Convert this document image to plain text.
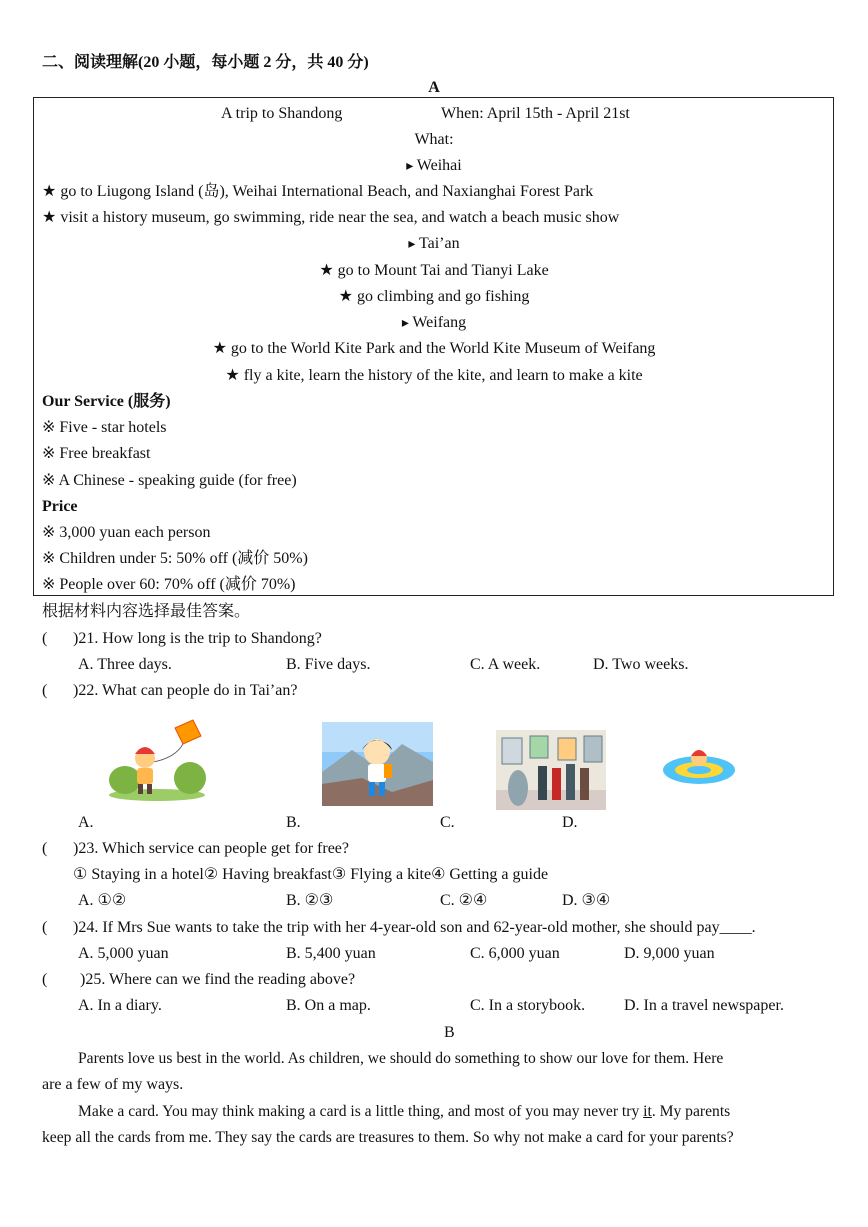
二、阅读理解(20 小题，每小题 2 分，共 40 分)
A
A trip to Shandong	When: April 15th - April 21st
What:
▸ Weihai
★ go to Liugong Island (岛), Weihai International Beach, and Naxianghai Forest Park
★ visit a history museum, go swimming, ride near the sea, and watch a beach music show
▸ Tai’an
★ go to Mount Tai and Tianyi Lake
★ go climbing and go fishing
▸ Weifang
★ go to the World Kite Park and the World Kite Museum of Weifang
★ fly a kite, learn the history of the kite, and learn to make a kite
Our Service (服务)
※ Five - star hotels
※ Free breakfast
※ A Chinese - speaking guide (for free)
Price
※ 3,000 yuan each person
※ Children under 5: 50% off (减价 50%)
※ People over 60: 70% off (减价 70%)
根据材料内容选择最佳答案。
( )21. How long is the trip to Shandong?
A. Three days.	B. Five days.	C. A week.	D. Two weeks.
( )22. What can people do in Tai’an?
A.	B.	C.	D.
( )23. Which service can people get for free?
① Staying in a hotel② Having breakfast③ Flying a kite④ Getting a guide
A. ①②	B. ②③	C. ②④	D. ③④
( )24. If Mrs Sue wants to take the trip with her 4-year-old son and 62-year-old mother, she should pay____.
A. 5,000 yuan	B. 5,400 yuan	C. 6,000 yuan	D. 9,000 yuan
( )25. Where can we find the reading above?
A. In a diary.	B. On a map.	C. In a storybook. D. In a travel newspaper.
B
Parents love us best in the world. As children, we should do something to show our love for them. Here
are a few of my ways.
Make a card. You may think making a card is a little thing, and most of you may never try it. My parents
keep all the cards from me. They say the cards are treasures to them. So why not make a card for your parents?
